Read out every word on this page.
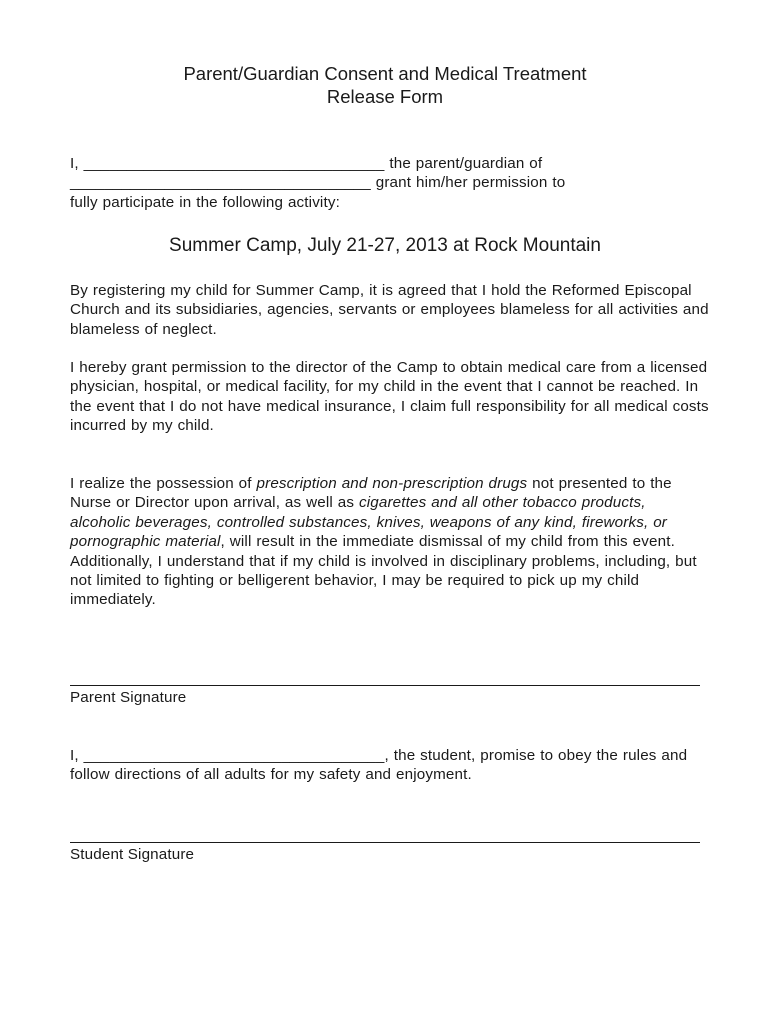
Parent/Guardian Consent and Medical Treatment
Release Form
I, ___________________________________ the parent/guardian of
___________________________________ grant him/her permission to
fully participate in the following activity:
Summer Camp, July 21-27, 2013 at Rock Mountain

By registering my child for Summer Camp, it is agreed that I hold the Reformed Episcopal Church and its subsidiaries, agencies, servants or employees blameless for all activities and blameless of neglect.

I hereby grant permission to the director of the Camp to obtain medical care from a licensed physician, hospital, or medical facility, for my child in the event that I cannot be reached. In the event that I do not have medical insurance, I claim full responsibility for all medical costs incurred by my child.

I realize the possession of prescription and non-prescription drugs not presented to the Nurse or Director upon arrival, as well as cigarettes and all other tobacco products, alcoholic beverages, controlled substances, knives, weapons of any kind, fireworks, or pornographic material, will result in the immediate dismissal of my child from this event. Additionally, I understand that if my child is involved in disciplinary problems, including, but not limited to fighting or belligerent behavior, I may be required to pick up my child immediately.

Parent Signature

I, ___________________________________, the student, promise to obey the rules and follow directions of all adults for my safety and enjoyment.

Student Signature
